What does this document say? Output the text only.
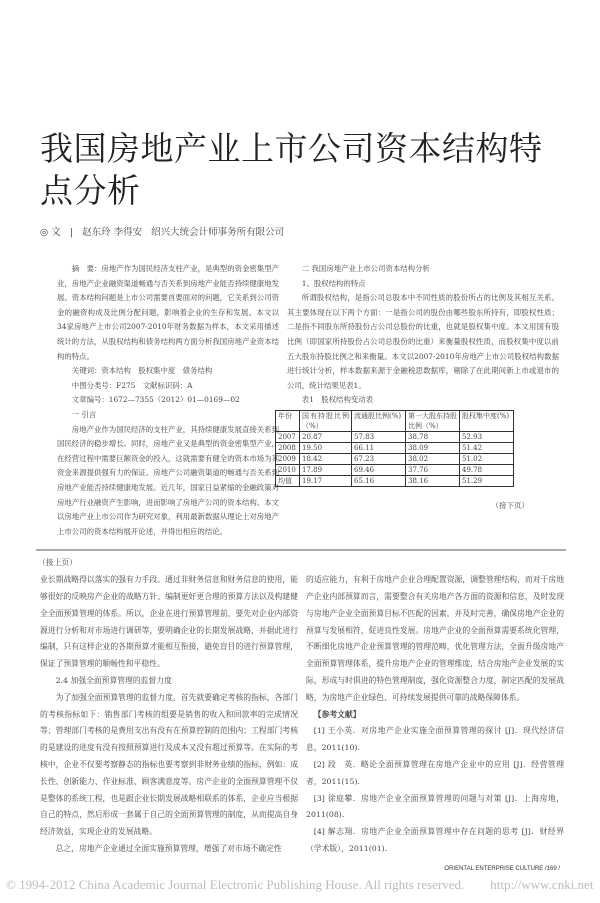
我国房地产业上市公司资本结构特
点分析
◎ 文 | 赵东玲 李得安 绍兴大统会计师事务所有限公司

摘　要：房地产作为国民经济支柱产业，是典型的资金密集型产业，房地产企业融资渠道畅通与否关系到房地产业能否持续健康地发展。资本结构问题是上市公司需要首要面对的问题，它关系到公司资金的融资构成及比例分配问题，影响着企业的生存和发展。本文以34家房地产上市公司2007-2010年财务数据为样本，本文采用描述统计的方法，从股权结构和债务结构两方面分析我国房地产业资本结构的特点。

关键词：资本结构　股权集中度　债务结构

中图分类号：F275　文献标识码：A

文章编号：1672—7355（2012）01—0169—02

一 引言

房地产业作为国民经济的支柱产业，其持续健康发展直接关系到国民经济的稳步增长。同时，房地产业又是典型的资金密集型产业，在经营过程中需要巨额资金的投入，这就需要有健全的资本市场为其资金来源提供强有力的保证。房地产公司融资渠道的畅通与否关系到房地产业能否持续健康地发展。近几年，国家日益紧缩的金融政策对房地产行业融资产生影响，进而影响了房地产公司的资本结构。本文以房地产业上市公司作为研究对象，利用最新数据从理论上对房地产上市公司的资本结构展开论述，并得出相应的结论。

二 我国房地产业上市公司资本结构分析

1、股权结构的特点

所谓股权结构，是指公司总股本中不同性质的股份所占的比例及其相互关系。其主要体现在以下两个方面：一是指公司的股份由哪些股东所持有，即股权性质；二是指不同股东所持股份占公司总股份的比重，也就是股权集中度。本文用国有股比例（即国家所持股份占公司总股份的比重）来衡量股权性质，而股权集中度以前五大股东持股比例之和来衡量。本文以2007-2010年房地产上市公司股权结构数据进行统计分析，样本数据来源于金融税思数据库，剔除了在此期间新上市或退市的公司，统计结果见表1。

表1　股权结构变动表

年份	国有持股比例（%）	流通股比例(%)	第一大股东持股比例（%）	股权集中度(%)
2007	20.87	57.83	38.78	52.93
2008	19.50	66.11	38.09	51.42
2009	18.42	67.23	38.02	51.02
2010	17.89	69.46	37.76	49.78
均值	19.17	65.16	38.16	51.29
（接下页）
（接上页）

业长期战略得以落实的强有力手段。通过非财务信息和财务信息的使用，能够很好的反映房产企业的战略方针、编制更好更合理的预算方法以及构建健全全面预算管理的体系。所以，企业在进行预算管理前，要先对企业内部资源进行分析和对市场进行调研等，要明确企业的长期发展战略，并据此进行编制，只有这样企业的各期预算才能相互衔接，避免盲目的进行预算管理，保证了预算管理的顺畅性和平稳性。

2.4 加强全面预算管理的监督力度

为了加强全面预算管理的监督力度，首先就要确定考核的指标，各部门的考核指标如下：销售部门考核的组要是销售的收入和回款率的完成情况等；管理部门考核的是费用支出有没有在预算控制的范围内；工程部门考核的是建设的进度有没有按照预算进行及成本又没有超过预算等。在实际的考核中，企业不仅要考察静态的指标也要考察到非财务业绩的指标，例如：成长性、创新能力、作业标准、顾客满意度等。房产企业的全面预算管理不仅是整体的系统工程，也是跟企业长期发展战略相联系的体系，企业应当根据自己的特点，然后形成一套属于自己的全面预算管理的制度，从而提高自身经济效益，实现企业的发展战略。

总之，房地产企业通过全面实施预算管理，增强了对市场不确定性

的适应能力，有利于房地产企业合理配置资源，调整管理结构，而对于房地产企业内部预算而言，需要整合有关房地产各方面的资源和信息，及时发现与房地产企业全面预算目标不匹配的因素，并及时完善，确保房地产企业的预算与发展相符，促进良性发展。房地产企业的全面预算需要系统化管理，不断细化房地产企业预算管理的管理范畴，优化管理方法，全面升级房地产全面预算管理体系，提升房地产企业的管理维度，结合房地产企业发展的实际，形成与时俱进的特色管理制度，强化资源整合力度，制定匹配的发展战略，为房地产企业绿色、可持续发展提供可靠的战略保障体系。

【参考文献】

[1] 王小英．对房地产企业实施全面预算管理的探讨 [J]．现代经济信息，2011(10)．

[2] 段　英．略论全面预算管理在房地产企业中的应用 [J]．经营管理者，2011(15)．

[3] 徐庭攀．房地产企业全面预算管理的问题与对策 [J]．上海房地，2011(08)．

[4] 解志翔．房地产企业全面预算管理中存在问题的思考 [J]．财经界（学术版），2011(01)．

ORIENTAL ENTERPRISE CULTURE /169 /
© 1994-2012 China Academic Journal Electronic Publishing House. All rights reserved.　　http://www.cnki.net
